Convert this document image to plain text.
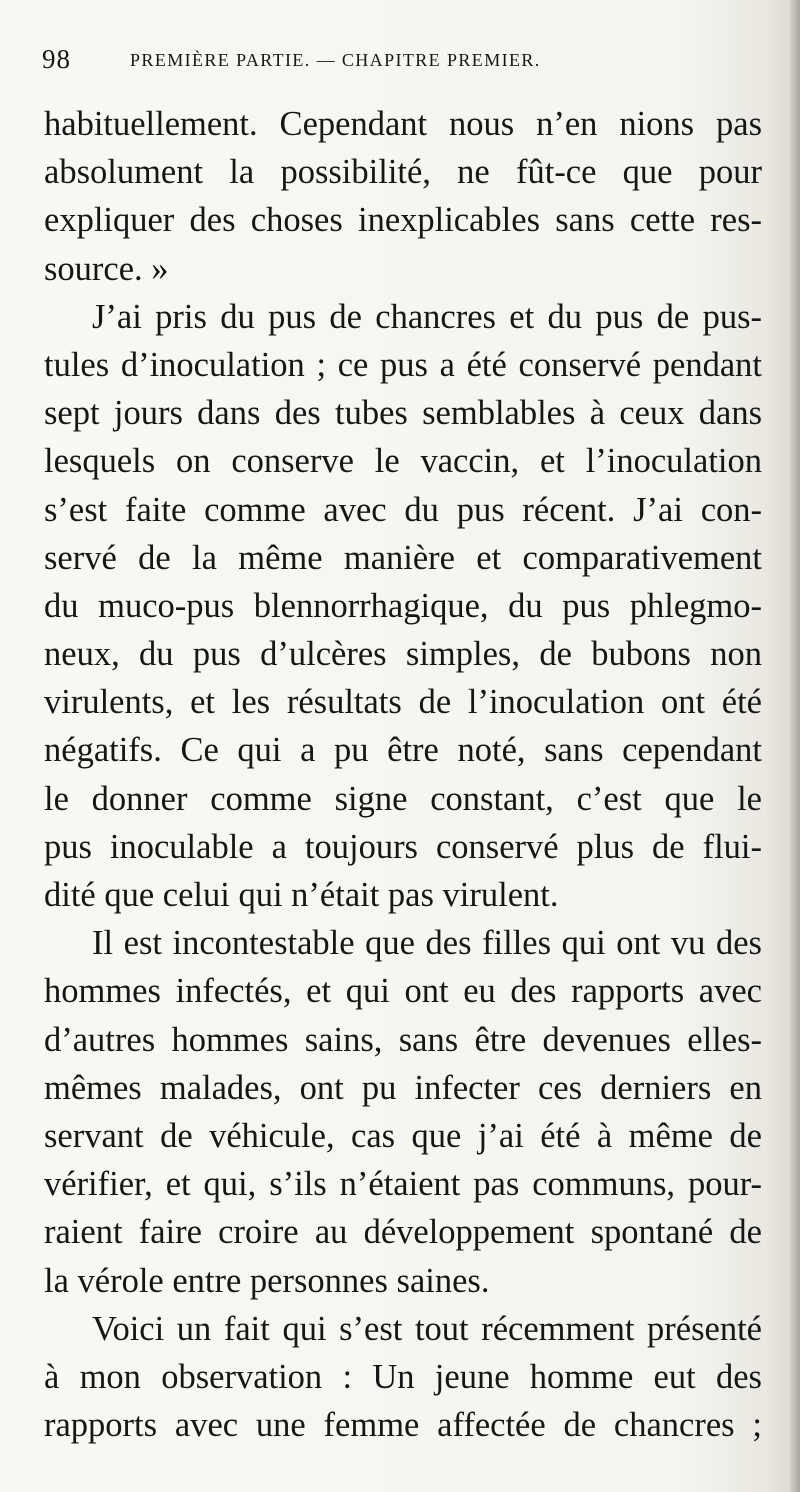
98	PREMIÈRE PARTIE. — CHAPITRE PREMIER.
habituellement. Cependant nous n’en nions pas
absolument la possibilité, ne fût-ce que pour
expliquer des choses inexplicables sans cette res-
source. »
J’ai pris du pus de chancres et du pus de pus-
tules d’inoculation ; ce pus a été conservé pendant
sept jours dans des tubes semblables à ceux dans
lesquels on conserve le vaccin, et l’inoculation
s’est faite comme avec du pus récent. J’ai con-
servé de la même manière et comparativement
du muco-pus blennorrhagique, du pus phlegmo-
neux, du pus d’ulcères simples, de bubons non
virulents, et les résultats de l’inoculation ont été
négatifs. Ce qui a pu être noté, sans cependant
le donner comme signe constant, c’est que le
pus inoculable a toujours conservé plus de flui-
dité que celui qui n’était pas virulent.
Il est incontestable que des filles qui ont vu des
hommes infectés, et qui ont eu des rapports avec
d’autres hommes sains, sans être devenues elles-
mêmes malades, ont pu infecter ces derniers en
servant de véhicule, cas que j’ai été à même de
vérifier, et qui, s’ils n’étaient pas communs, pour-
raient faire croire au développement spontané de
la vérole entre personnes saines.
Voici un fait qui s’est tout récemment présenté
à mon observation : Un jeune homme eut des
rapports avec une femme affectée de chancres ;
